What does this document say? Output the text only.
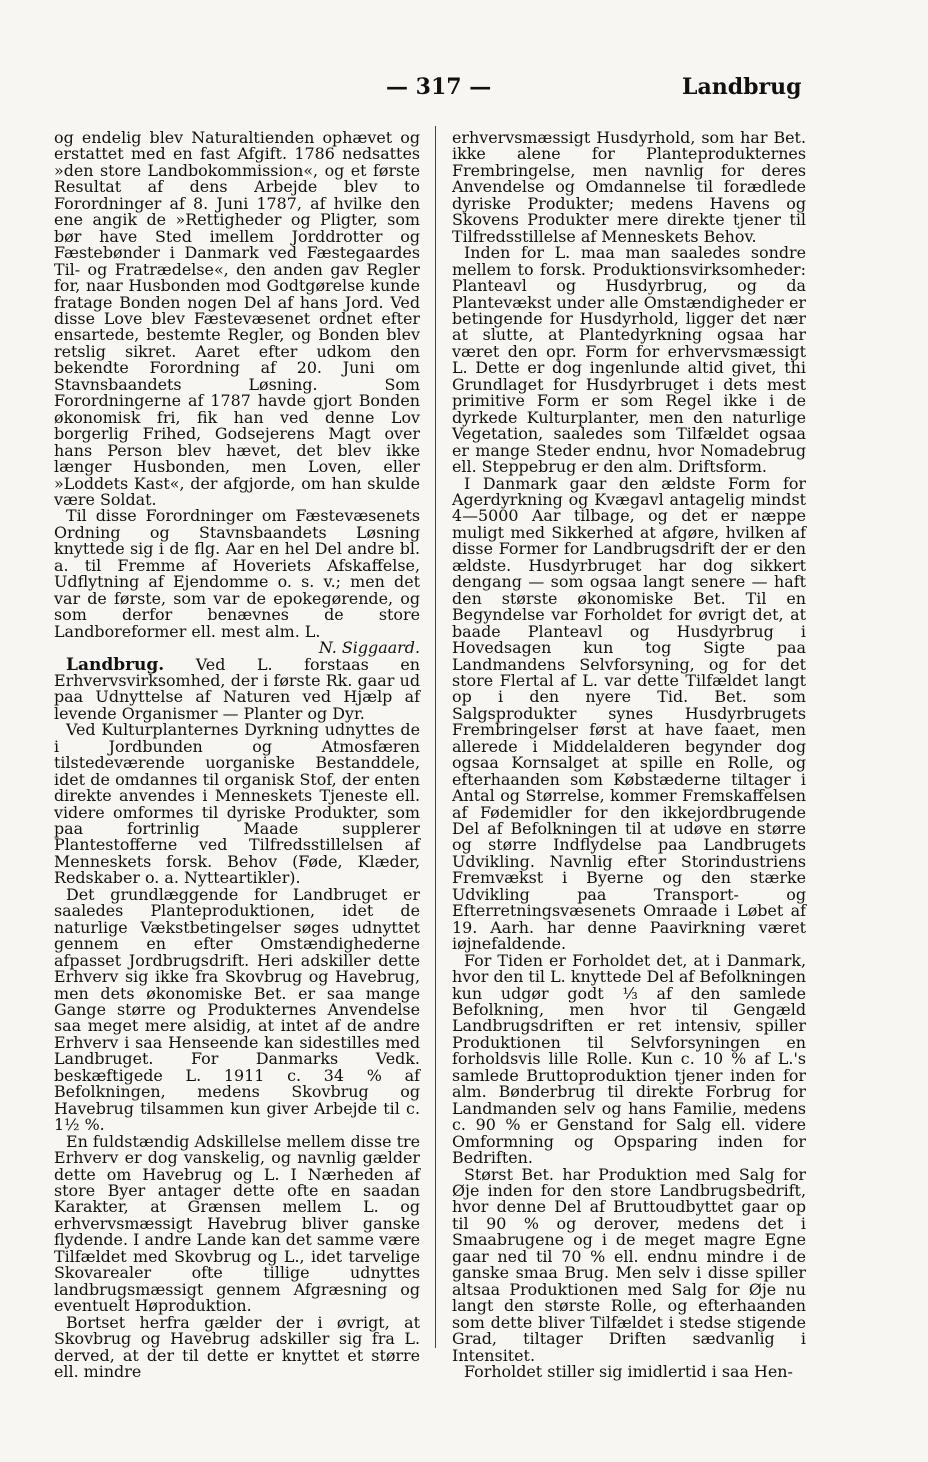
— 317 —	Landbrug

og endelig blev Naturaltienden ophævet og erstattet med en fast Afgift. 1786 nedsattes »den store Landbokommission«, og et første Resultat af dens Arbejde blev to Forordninger af 8. Juni 1787, af hvilke den ene angik de »Rettigheder og Pligter, som bør have Sted imellem Jorddrotter og Fæstebønder i Danmark ved Fæstegaardes Til- og Fratrædelse«, den anden gav Regler for, naar Husbonden mod Godtgørelse kunde fratage Bonden nogen Del af hans Jord. Ved disse Love blev Fæstevæsenet ordnet efter ensartede, bestemte Regler, og Bonden blev retslig sikret. Aaret efter udkom den bekendte Forordning af 20. Juni om Stavnsbaandets Løsning. Som Forordningerne af 1787 havde gjort Bonden økonomisk fri, fik han ved denne Lov borgerlig Frihed, Godsejerens Magt over hans Person blev hævet, det blev ikke længer Husbonden, men Loven, eller »Loddets Kast«, der afgjorde, om han skulde være Soldat.

Til disse Forordninger om Fæstevæsenets Ordning og Stavnsbaandets Løsning knyttede sig i de flg. Aar en hel Del andre bl. a. til Fremme af Hoveriets Afskaffelse, Udflytning af Ejendomme o. s. v.; men det var de første, som var de epokegørende, og som derfor benævnes de store Landboreformer ell. mest alm. L.

N. Siggaard.

Landbrug. Ved L. forstaas en Erhvervsvirksomhed, der i første Rk. gaar ud paa Udnyttelse af Naturen ved Hjælp af levende Organismer — Planter og Dyr.

Ved Kulturplanternes Dyrkning udnyttes de i Jordbunden og Atmosfæren tilstedeværende uorganiske Bestanddele, idet de omdannes til organisk Stof, der enten direkte anvendes i Menneskets Tjeneste ell. videre omformes til dyriske Produkter, som paa fortrinlig Maade supplerer Plantestofferne ved Tilfredsstillelsen af Menneskets forsk. Behov (Føde, Klæder, Redskaber o. a. Nytteartikler).

Det grundlæggende for Landbruget er saaledes Planteproduktionen, idet de naturlige Vækstbetingelser søges udnyttet gennem en efter Omstændighederne afpasset Jordbrugsdrift. Heri adskiller dette Erhverv sig ikke fra Skovbrug og Havebrug, men dets økonomiske Bet. er saa mange Gange større og Produkternes Anvendelse saa meget mere alsidig, at intet af de andre Erhverv i saa Henseende kan sidestilles med Landbruget. For Danmarks Vedk. beskæftigede L. 1911 c. 34 % af Befolkningen, medens Skovbrug og Havebrug tilsammen kun giver Arbejde til c. 1½ %.

En fuldstændig Adskillelse mellem disse tre Erhverv er dog vanskelig, og navnlig gælder dette om Havebrug og L. I Nærheden af store Byer antager dette ofte en saadan Karakter, at Grænsen mellem L. og erhvervsmæssigt Havebrug bliver ganske flydende. I andre Lande kan det samme være Tilfældet med Skovbrug og L., idet tarvelige Skovarealer ofte tillige udnyttes landbrugsmæssigt gennem Afgræsning og eventuelt Høproduktion.

Bortset herfra gælder der i øvrigt, at Skovbrug og Havebrug adskiller sig fra L. derved, at der til dette er knyttet et større ell. mindre

erhvervsmæssigt Husdyrhold, som har Bet. ikke alene for Planteprodukternes Frembringelse, men navnlig for deres Anvendelse og Omdannelse til forædlede dyriske Produkter; medens Havens og Skovens Produkter mere direkte tjener til Tilfredsstillelse af Menneskets Behov.

Inden for L. maa man saaledes sondre mellem to forsk. Produktionsvirksomheder: Planteavl og Husdyrbrug, og da Plantevækst under alle Omstændigheder er betingende for Husdyrhold, ligger det nær at slutte, at Plantedyrkning ogsaa har været den opr. Form for erhvervsmæssigt L. Dette er dog ingenlunde altid givet, thi Grundlaget for Husdyrbruget i dets mest primitive Form er som Regel ikke i de dyrkede Kulturplanter, men den naturlige Vegetation, saaledes som Tilfældet ogsaa er mange Steder endnu, hvor Nomadebrug ell. Steppebrug er den alm. Driftsform.

I Danmark gaar den ældste Form for Agerdyrkning og Kvægavl antagelig mindst 4—5000 Aar tilbage, og det er næppe muligt med Sikkerhed at afgøre, hvilken af disse Former for Landbrugsdrift der er den ældste. Husdyrbruget har dog sikkert dengang — som ogsaa langt senere — haft den største økonomiske Bet. Til en Begyndelse var Forholdet for øvrigt det, at baade Planteavl og Husdyrbrug i Hovedsagen kun tog Sigte paa Landmandens Selvforsyning, og for det store Flertal af L. var dette Tilfældet langt op i den nyere Tid. Bet. som Salgsprodukter synes Husdyrbrugets Frembringelser først at have faaet, men allerede i Middelalderen begynder dog ogsaa Kornsalget at spille en Rolle, og efterhaanden som Købstæderne tiltager i Antal og Størrelse, kommer Fremskaffelsen af Fødemidler for den ikkejordbrugende Del af Befolkningen til at udøve en større og større Indflydelse paa Landbrugets Udvikling. Navnlig efter Storindustriens Fremvækst i Byerne og den stærke Udvikling paa Transport- og Efterretningsvæsenets Omraade i Løbet af 19. Aarh. har denne Paavirkning været iøjnefaldende.

For Tiden er Forholdet det, at i Danmark, hvor den til L. knyttede Del af Befolkningen kun udgør godt ⅓ af den samlede Befolkning, men hvor til Gengæld Landbrugsdriften er ret intensiv, spiller Produktionen til Selvforsyningen en forholdsvis lille Rolle. Kun c. 10 % af L.'s samlede Bruttoproduktion tjener inden for alm. Bønderbrug til direkte Forbrug for Landmanden selv og hans Familie, medens c. 90 % er Genstand for Salg ell. videre Omformning og Opsparing inden for Bedriften.

Størst Bet. har Produktion med Salg for Øje inden for den store Landbrugsbedrift, hvor denne Del af Bruttoudbyttet gaar op til 90 % og derover, medens det i Smaabrugene og i de meget magre Egne gaar ned til 70 % ell. endnu mindre i de ganske smaa Brug. Men selv i disse spiller altsaa Produktionen med Salg for Øje nu langt den største Rolle, og efterhaanden som dette bliver Tilfældet i stedse stigende Grad, tiltager Driften sædvanlig i Intensitet.

Forholdet stiller sig imidlertid i saa Hen-
